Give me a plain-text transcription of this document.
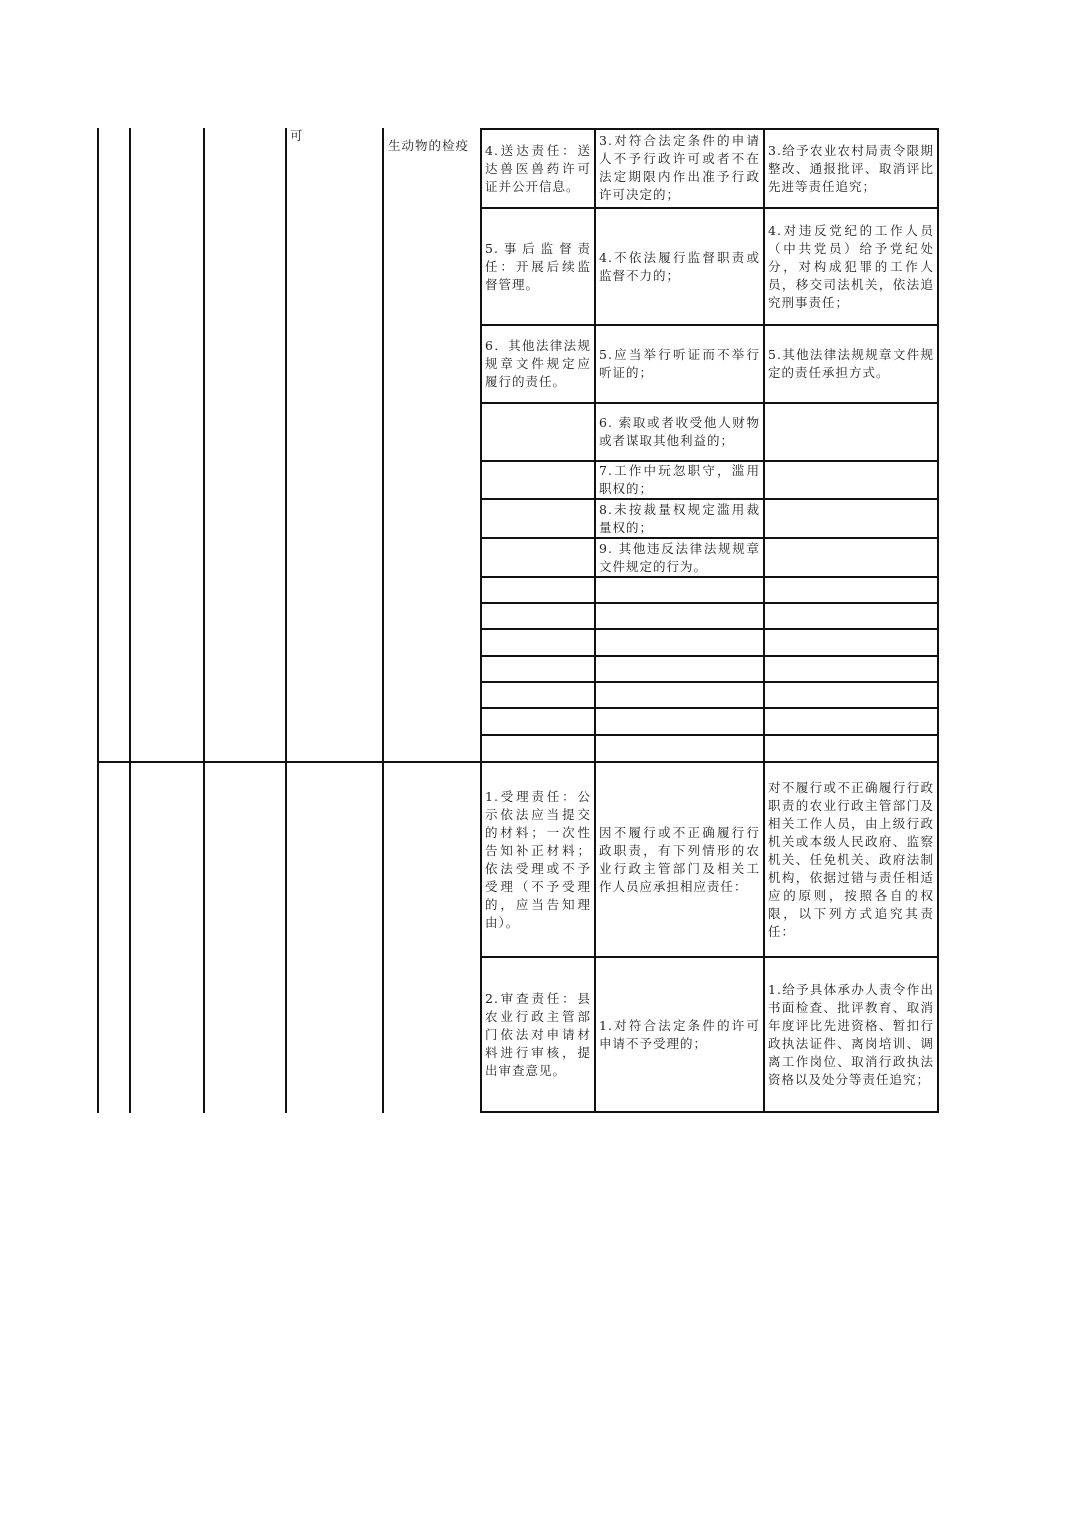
可
生动物的检疫 4.送达责任：送达兽医兽药许可证并公开信息。
3.对符合法定条件的申请人不予行政许可或者不在法定期限内作出准予行政许可决定的；
3.给予农业农村局责令限期整改、通报批评、取消评比先进等责任追究；
5.事后监督责任：开展后续监督管理。
4.不依法履行监督职责或监督不力的；
4.对违反党纪的工作人员（中共党员）给予党纪处分，对构成犯罪的工作人员，移交司法机关，依法追究刑事责任；
6．其他法律法规规章文件规定应履行的责任。
5.应当举行听证而不举行听证的；
5.其他法律法规规章文件规定的责任承担方式。
6. 索取或者收受他人财物或者谋取其他利益的；
7.工作中玩忽职守，滥用职权的；
8.未按裁量权规定滥用裁量权的；
9. 其他违反法律法规规章文件规定的行为。
1.受理责任：公示依法应当提交的材料；一次性告知补正材料；依法受理或不予受理（不予受理的，应当告知理由）。
因不履行或不正确履行行政职责，有下列情形的农业行政主管部门及相关工作人员应承担相应责任：
对不履行或不正确履行行政职责的农业行政主管部门及相关工作人员，由上级行政机关或本级人民政府、监察机关、任免机关、政府法制机构，依据过错与责任相适应的原则，按照各自的权限，以下列方式追究其责任：
2.审查责任：县农业行政主管部门依法对申请材料进行审核，提出审查意见。
1.对符合法定条件的许可申请不予受理的；
1.给予具体承办人责令作出书面检查、批评教育、取消年度评比先进资格、暂扣行政执法证件、离岗培训、调离工作岗位、取消行政执法资格以及处分等责任追究；
